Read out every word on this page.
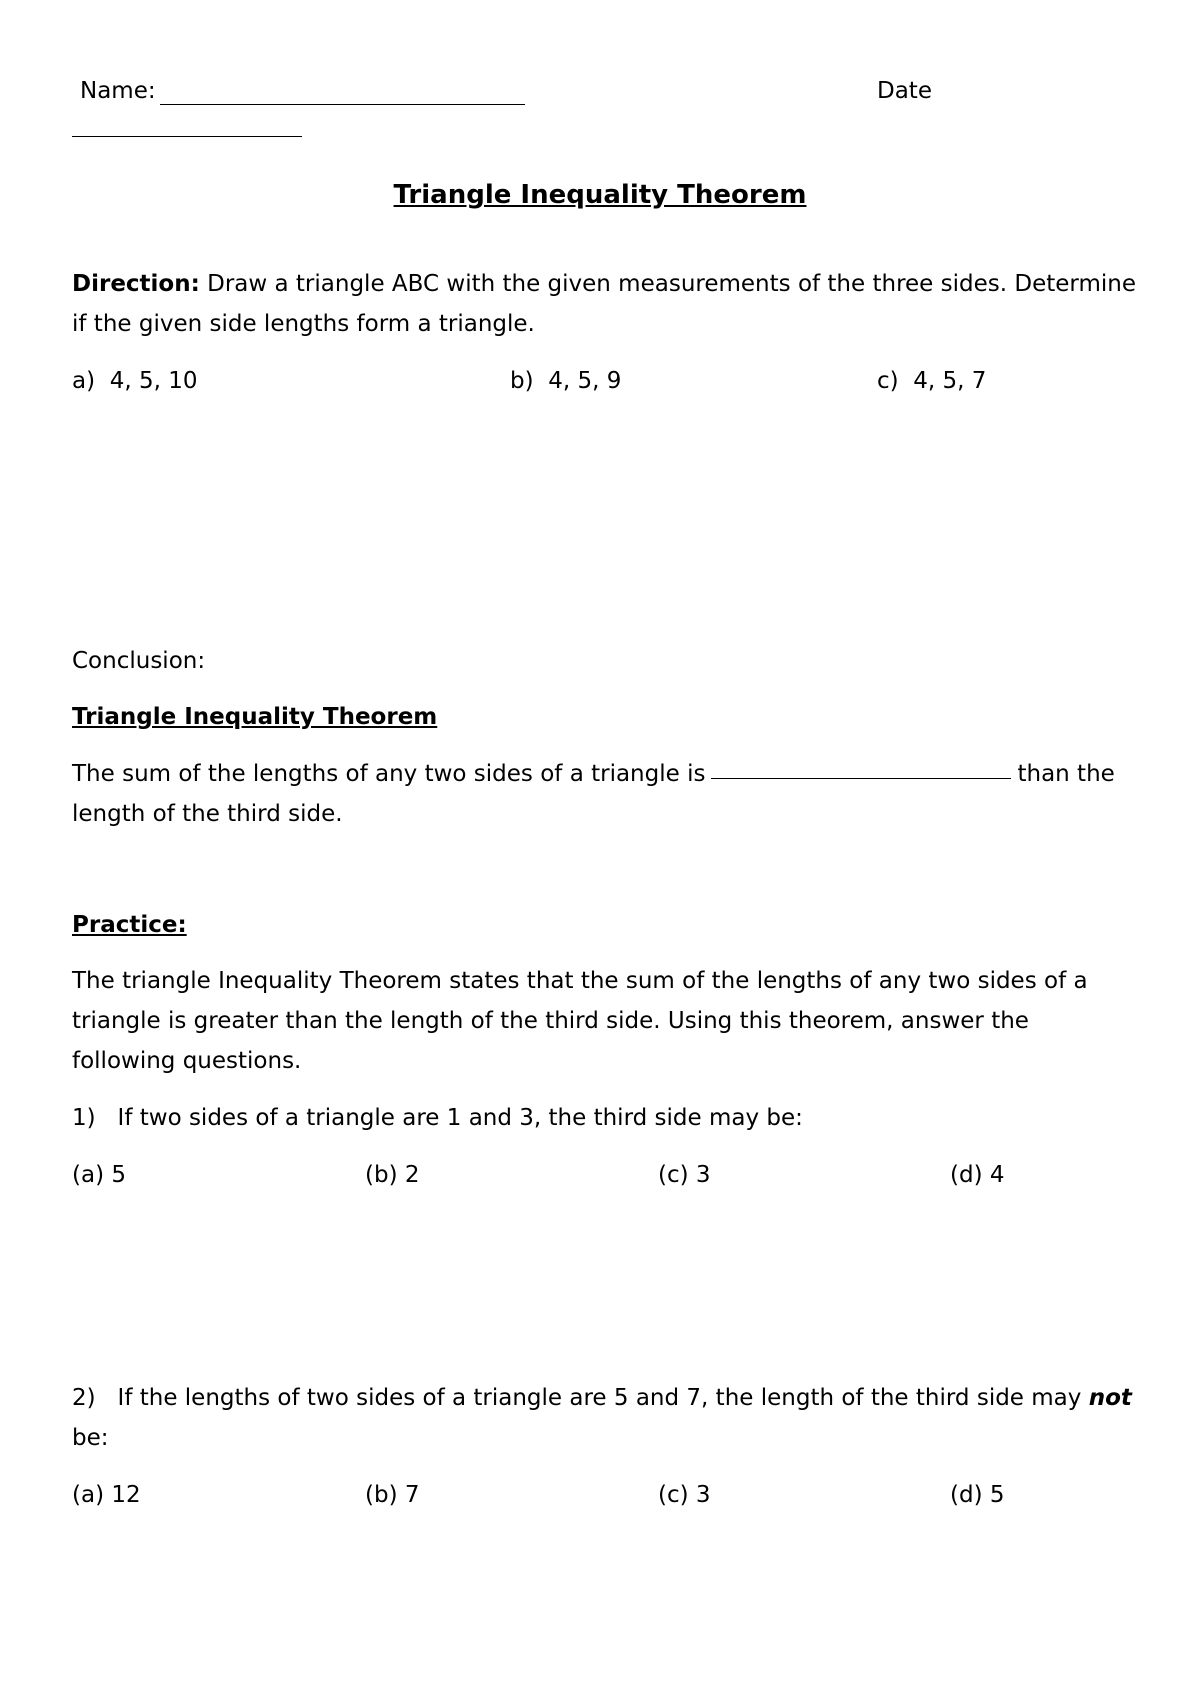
Name:	Date
Triangle Inequality Theorem
Direction: Draw a triangle ABC with the given measurements of the three sides. Determine
if the given side lengths form a triangle.
a) 4, 5, 10	b) 4, 5, 9	c) 4, 5, 7
Conclusion:
Triangle Inequality Theorem
The sum of the lengths of any two sides of a triangle is	than the
length of the third side.
Practice:
The triangle Inequality Theorem states that the sum of the lengths of any two sides of a
triangle is greater than the length of the third side. Using this theorem, answer the
following questions.
1) If two sides of a triangle are 1 and 3, the third side may be:
(a) 5	(b) 2	(c) 3	(d) 4
2) If the lengths of two sides of a triangle are 5 and 7, the length of the third side may not
be:
(a) 12	(b) 7	(c) 3	(d) 5
